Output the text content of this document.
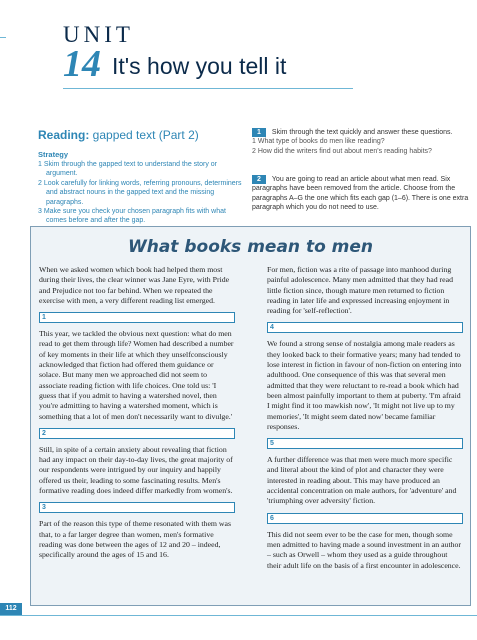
UNIT
14 It's how you tell it
Reading: gapped text (Part 2)
Strategy
1 Skim through the gapped text to understand the story or argument.
2 Look carefully for linking words, referring pronouns, determiners and abstract nouns in the gapped text and the missing paragraphs.
3 Make sure you check your chosen paragraph fits with what comes before and after the gap.
1 Skim through the text quickly and answer these questions.
1 What type of books do men like reading?
2 How did the writers find out about men's reading habits?
2 You are going to read an article about what men read. Six paragraphs have been removed from the article. Choose from the paragraphs A–G the one which fits each gap (1–6). There is one extra paragraph which you do not need to use.
What books mean to men

When we asked women which book had helped them most during their lives, the clear winner was Jane Eyre, with Pride and Prejudice not too far behind. When we repeated the exercise with men, a very different reading list emerged.

1

This year, we tackled the obvious next question: what do men read to get them through life? Women had described a number of key moments in their life at which they unselfconsciously acknowledged that fiction had offered them guidance or solace. But many men we approached did not seem to associate reading fiction with life choices. One told us: 'I guess that if you admit to having a watershed novel, then you're admitting to having a watershed moment, which is something that a lot of men don't necessarily want to divulge.'

2

Still, in spite of a certain anxiety about revealing that fiction had any impact on their day-to-day lives, the great majority of our respondents were intrigued by our inquiry and happily offered us their, leading to some fascinating results. Men's formative reading does indeed differ markedly from women's.

3

Part of the reason this type of theme resonated with them was that, to a far larger degree than women, men's formative reading was done between the ages of 12 and 20 – indeed, specifically around the ages of 15 and 16.

For men, fiction was a rite of passage into manhood during painful adolescence. Many men admitted that they had read little fiction since, though mature men returned to fiction reading in later life and expressed increasing enjoyment in reading for 'self-reflection'.

4

We found a strong sense of nostalgia among male readers as they looked back to their formative years; many had tended to lose interest in fiction in favour of non-fiction on entering into adulthood. One consequence of this was that several men admitted that they were reluctant to re-read a book which had been almost painfully important to them at puberty. 'I'm afraid I might find it too mawkish now', 'It might not live up to my memories', 'It might seem dated now' became familiar responses.

5

A further difference was that men were much more specific and literal about the kind of plot and character they were interested in reading about. This may have produced an accidental concentration on male authors, for 'adventure' and 'triumphing over adversity' fiction.

6

This did not seem ever to be the case for men, though some men admitted to having made a sound investment in an author – such as Orwell – whom they used as a guide throughout their adult life on the basis of a first encounter in adolescence.

112
